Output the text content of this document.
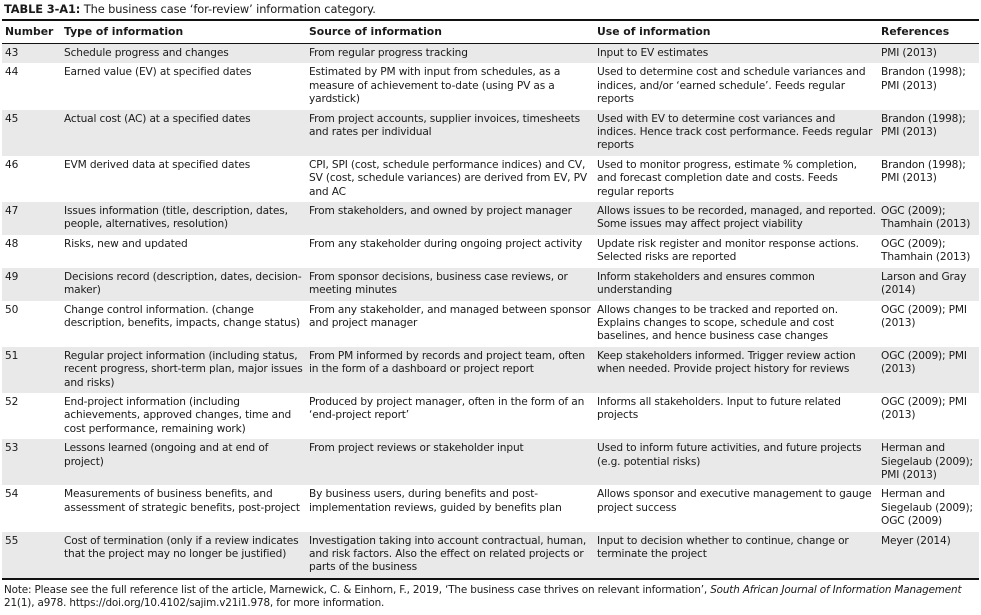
TABLE 3-A1: The business case ‘for-review’ information category.
Number	Type of information	Source of information	Use of information	References
43	Schedule progress and changes	From regular progress tracking	Input to EV estimates	PMI (2013)
44	Earned value (EV) at specified dates	Estimated by PM with input from schedules, as a measure of achievement to-date (using PV as a yardstick)	Used to determine cost and schedule variances and indices, and/or ‘earned schedule’. Feeds regular reports	Brandon (1998); PMI (2013)
45	Actual cost (AC) at a specified dates	From project accounts, supplier invoices, timesheets and rates per individual	Used with EV to determine cost variances and indices. Hence track cost performance. Feeds regular reports	Brandon (1998); PMI (2013)
46	EVM derived data at specified dates	CPI, SPI (cost, schedule performance indices) and CV, SV (cost, schedule variances) are derived from EV, PV and AC	Used to monitor progress, estimate % completion, and forecast completion date and costs. Feeds regular reports	Brandon (1998); PMI (2013)
47	Issues information (title, description, dates, people, alternatives, resolution)	From stakeholders, and owned by project manager	Allows issues to be recorded, managed, and reported. Some issues may affect project viability	OGC (2009); Thamhain (2013)
48	Risks, new and updated	From any stakeholder during ongoing project activity	Update risk register and monitor response actions. Selected risks are reported	OGC (2009); Thamhain (2013)
49	Decisions record (description, dates, decision-maker)	From sponsor decisions, business case reviews, or meeting minutes	Inform stakeholders and ensures common understanding	Larson and Gray (2014)
50	Change control information. (change description, benefits, impacts, change status)	From any stakeholder, and managed between sponsor and project manager	Allows changes to be tracked and reported on. Explains changes to scope, schedule and cost baselines, and hence business case changes	OGC (2009); PMI (2013)
51	Regular project information (including status, recent progress, short-term plan, major issues and risks)	From PM informed by records and project team, often in the form of a dashboard or project report	Keep stakeholders informed. Trigger review action when needed. Provide project history for reviews	OGC (2009); PMI (2013)
52	End-project information (including achievements, approved changes, time and cost performance, remaining work)	Produced by project manager, often in the form of an ‘end-project report’	Informs all stakeholders. Input to future related projects	OGC (2009); PMI (2013)
53	Lessons learned (ongoing and at end of project)	From project reviews or stakeholder input	Used to inform future activities, and future projects (e.g. potential risks)	Herman and Siegelaub (2009); PMI (2013)
54	Measurements of business benefits, and assessment of strategic benefits, post-project	By business users, during benefits and post-implementation reviews, guided by benefits plan	Allows sponsor and executive management to gauge project success	Herman and Siegelaub (2009); OGC (2009)
55	Cost of termination (only if a review indicates that the project may no longer be justified)	Investigation taking into account contractual, human, and risk factors. Also the effect on related projects or parts of the business	Input to decision whether to continue, change or terminate the project	Meyer (2014)
Note: Please see the full reference list of the article, Marnewick, C. & Einhorn, F., 2019, ‘The business case thrives on relevant information’, South African Journal of Information Management 21(1), a978. https://doi.org/10.4102/sajim.v21i1.978, for more information.
